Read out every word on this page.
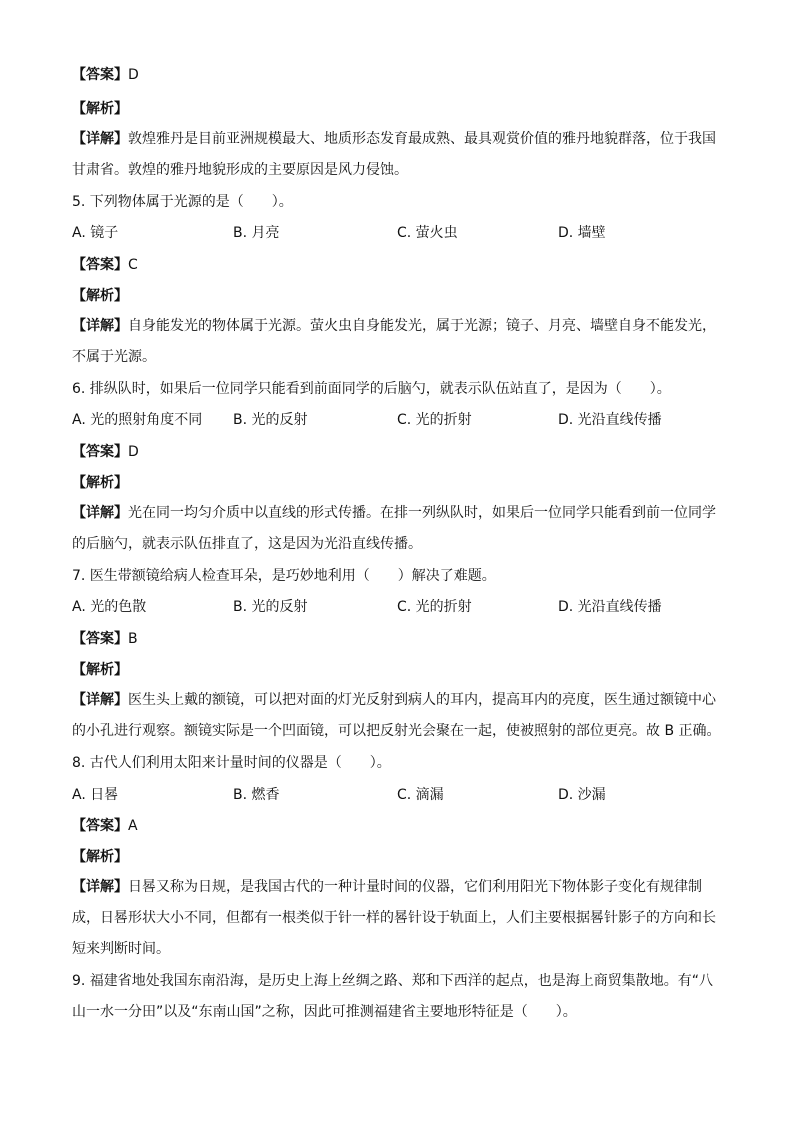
【答案】D
【解析】
【详解】敦煌雅丹是目前亚洲规模最大、地质形态发育最成熟、最具观赏价值的雅丹地貌群落，位于我国甘肃省。敦煌的雅丹地貌形成的主要原因是风力侵蚀。
5. 下列物体属于光源的是（　　）。
A. 镜子	B. 月亮	C. 萤火虫	D. 墙壁
【答案】C
【解析】
【详解】自身能发光的物体属于光源。萤火虫自身能发光，属于光源；镜子、月亮、墙壁自身不能发光，不属于光源。
6. 排纵队时，如果后一位同学只能看到前面同学的后脑勺，就表示队伍站直了，是因为（　　）。
A. 光的照射角度不同 B. 光的反射	C. 光的折射	D. 光沿直线传播
【答案】D
【解析】
【详解】光在同一均匀介质中以直线的形式传播。在排一列纵队时，如果后一位同学只能看到前一位同学的后脑勺，就表示队伍排直了，这是因为光沿直线传播。
7. 医生带额镜给病人检查耳朵，是巧妙地利用（　　）解决了难题。
A. 光的色散	B. 光的反射	C. 光的折射	D. 光沿直线传播
【答案】B
【解析】
【详解】医生头上戴的额镜，可以把对面的灯光反射到病人的耳内，提高耳内的亮度，医生通过额镜中心的小孔进行观察。额镜实际是一个凹面镜，可以把反射光会聚在一起，使被照射的部位更亮。故 B 正确。
8. 古代人们利用太阳来计量时间的仪器是（　　）。
A. 日晷	B. 燃香	C. 滴漏	D. 沙漏
【答案】A
【解析】
【详解】日晷又称为日规，是我国古代的一种计量时间的仪器，它们利用阳光下物体影子变化有规律制成，日晷形状大小不同，但都有一根类似于针一样的晷针设于轨面上，人们主要根据晷针影子的方向和长短来判断时间。
9. 福建省地处我国东南沿海，是历史上海上丝绸之路、郑和下西洋的起点，也是海上商贸集散地。有“八山一水一分田”以及“东南山国”之称，因此可推测福建省主要地形特征是（　　）。
